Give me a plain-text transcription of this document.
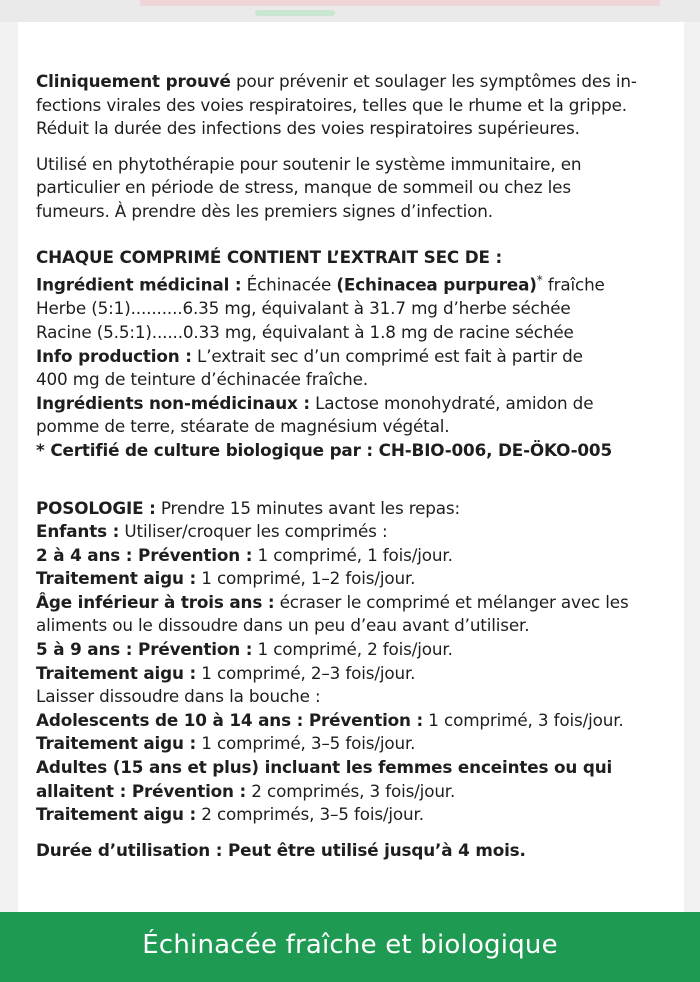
Cliniquement prouvé pour prévenir et soulager les symptômes des in-

fections virales des voies respiratoires, telles que le rhume et la grippe.

Réduit la durée des infections des voies respiratoires supérieures.

Utilisé en phytothérapie pour soutenir le système immunitaire, en

particulier en période de stress, manque de sommeil ou chez les

fumeurs. À prendre dès les premiers signes d’infection.

CHAQUE COMPRIMÉ CONTIENT L’EXTRAIT SEC DE :

Ingrédient médicinal : Échinacée (Echinacea purpurea)* fraîche

Herbe (5:1)..........6.35 mg, équivalant à 31.7 mg d’herbe séchée

Racine (5.5:1)......0.33 mg, équivalant à 1.8 mg de racine séchée

Info production : L’extrait sec d’un comprimé est fait à partir de

400 mg de teinture d’échinacée fraîche.

Ingrédients non-médicinaux : Lactose monohydraté, amidon de

pomme de terre, stéarate de magnésium végétal.

* Certifié de culture biologique par : CH-BIO-006, DE-ÖKO-005

POSOLOGIE : Prendre 15 minutes avant les repas:

Enfants : Utiliser/croquer les comprimés :

2 à 4 ans : Prévention : 1 comprimé, 1 fois/jour.

Traitement aigu : 1 comprimé, 1–2 fois/jour.

Âge inférieur à trois ans : écraser le comprimé et mélanger avec les

aliments ou le dissoudre dans un peu d’eau avant d’utiliser.

5 à 9 ans : Prévention : 1 comprimé, 2 fois/jour.

Traitement aigu : 1 comprimé, 2–3 fois/jour.

Laisser dissoudre dans la bouche :

Adolescents de 10 à 14 ans : Prévention : 1 comprimé, 3 fois/jour.

Traitement aigu : 1 comprimé, 3–5 fois/jour.

Adultes (15 ans et plus) incluant les femmes enceintes ou qui

allaitent : Prévention : 2 comprimés, 3 fois/jour.

Traitement aigu : 2 comprimés, 3–5 fois/jour.

Durée d’utilisation : Peut être utilisé jusqu’à 4 mois.

Échinacée fraîche et biologique
